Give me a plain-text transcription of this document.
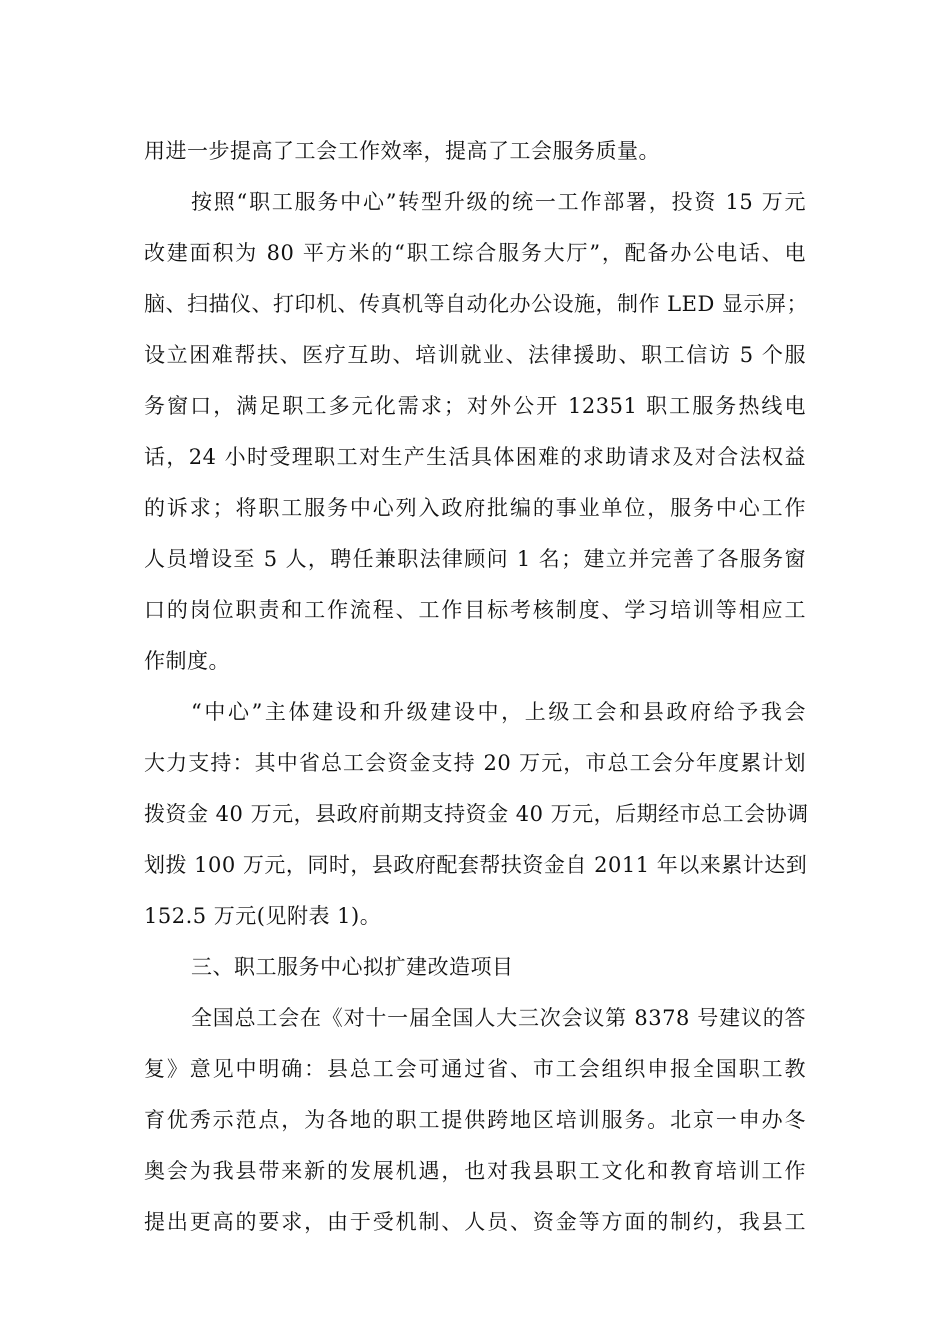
用进一步提高了工会工作效率，提高了工会服务质量。
按照“职工服务中心”转型升级的统一工作部署，投资 15 万元
改建面积为 80 平方米的“职工综合服务大厅”，配备办公电话、电
脑、扫描仪、打印机、传真机等自动化办公设施，制作 LED 显示屏；
设立困难帮扶、医疗互助、培训就业、法律援助、职工信访 5 个服
务窗口，满足职工多元化需求；对外公开 12351 职工服务热线电
话，24 小时受理职工对生产生活具体困难的求助请求及对合法权益
的诉求；将职工服务中心列入政府批编的事业单位，服务中心工作
人员增设至 5 人，聘任兼职法律顾问 1 名；建立并完善了各服务窗
口的岗位职责和工作流程、工作目标考核制度、学习培训等相应工
作制度。
“中心”主体建设和升级建设中，上级工会和县政府给予我会
大力支持：其中省总工会资金支持 20 万元，市总工会分年度累计划
拨资金 40 万元，县政府前期支持资金 40 万元，后期经市总工会协调
划拨 100 万元，同时，县政府配套帮扶资金自 2011 年以来累计达到
152.5 万元(见附表 1)。
三、职工服务中心拟扩建改造项目
全国总工会在《对十一届全国人大三次会议第 8378 号建议的答
复》意见中明确：县总工会可通过省、市工会组织申报全国职工教
育优秀示范点，为各地的职工提供跨地区培训服务。北京一申办冬
奥会为我县带来新的发展机遇，也对我县职工文化和教育培训工作
提出更高的要求，由于受机制、人员、资金等方面的制约，我县工
